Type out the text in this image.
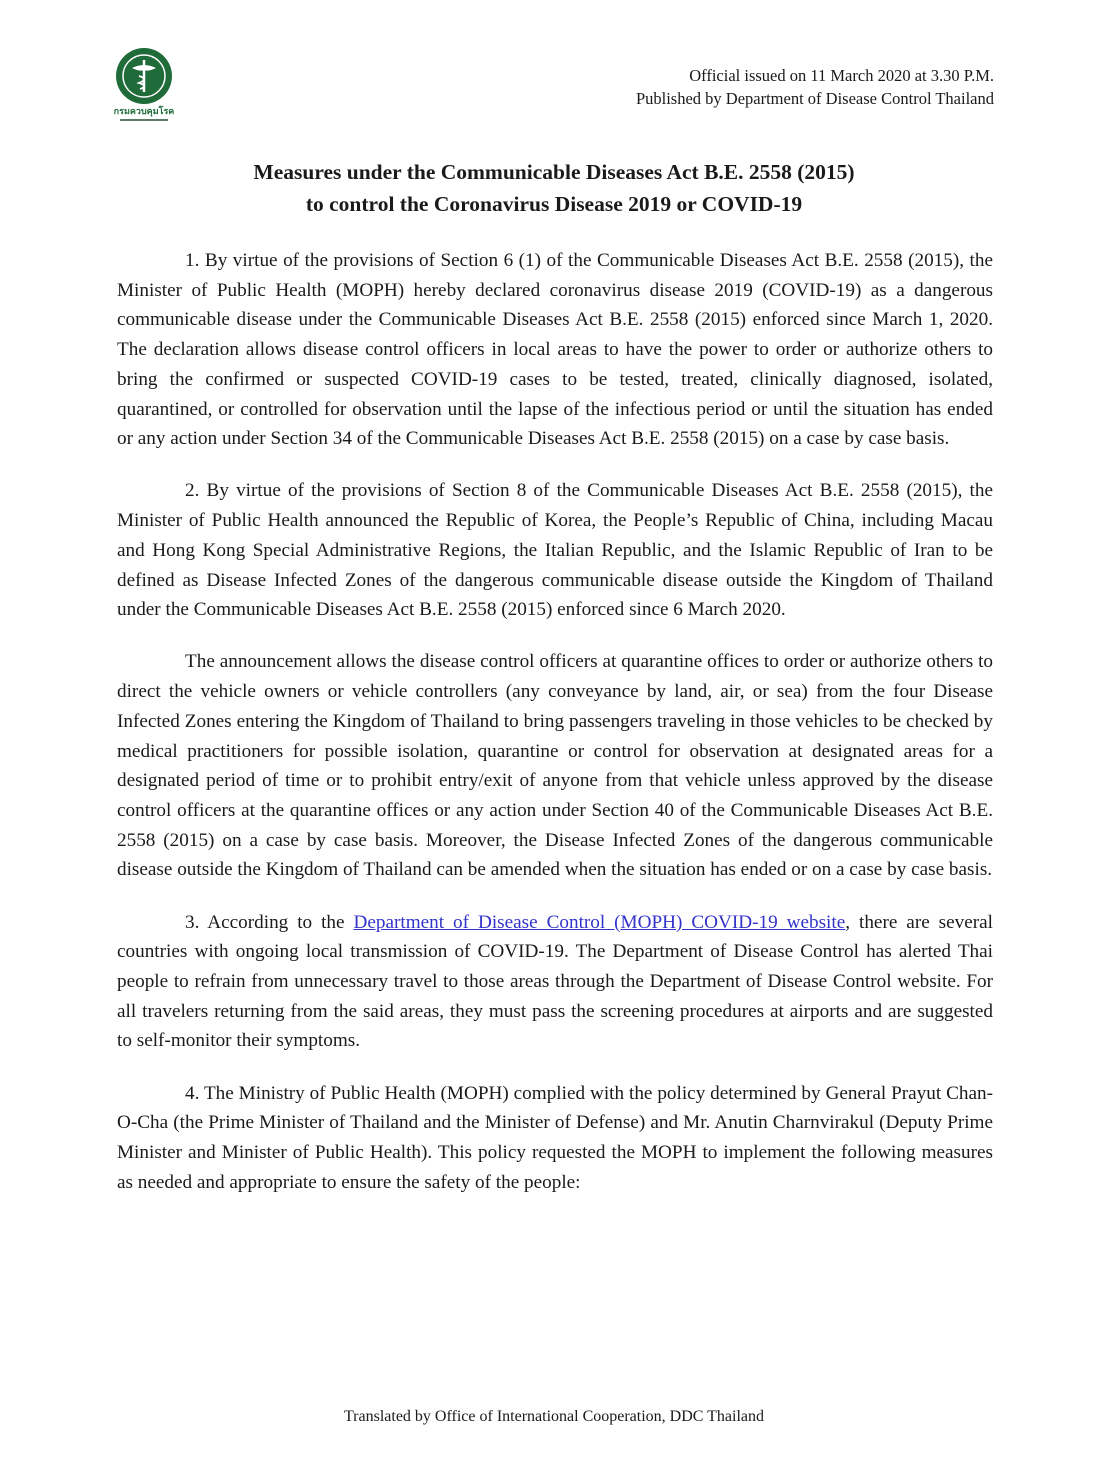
กรมควบคุมโรค
Official issued on 11 March 2020 at 3.30 P.M.
Published by Department of Disease Control Thailand
Measures under the Communicable Diseases Act B.E. 2558 (2015)
to control the Coronavirus Disease 2019 or COVID-19

1. By virtue of the provisions of Section 6 (1) of the Communicable Diseases Act B.E. 2558 (2015), the Minister of Public Health (MOPH) hereby declared coronavirus disease 2019 (COVID-19) as a dangerous communicable disease under the Communicable Diseases Act B.E. 2558 (2015) enforced since March 1, 2020. The declaration allows disease control officers in local areas to have the power to order or authorize others to bring the confirmed or suspected COVID-19 cases to be tested, treated, clinically diagnosed, isolated, quarantined, or controlled for observation until the lapse of the infectious period or until the situation has ended or any action under Section 34 of the Communicable Diseases Act B.E. 2558 (2015) on a case by case basis.

2. By virtue of the provisions of Section 8 of the Communicable Diseases Act B.E. 2558 (2015), the Minister of Public Health announced the Republic of Korea, the People’s Republic of China, including Macau and Hong Kong Special Administrative Regions, the Italian Republic, and the Islamic Republic of Iran to be defined as Disease Infected Zones of the dangerous communicable disease outside the Kingdom of Thailand under the Communicable Diseases Act B.E. 2558 (2015) enforced since 6 March 2020.

The announcement allows the disease control officers at quarantine offices to order or authorize others to direct the vehicle owners or vehicle controllers (any conveyance by land, air, or sea) from the four Disease Infected Zones entering the Kingdom of Thailand to bring passengers traveling in those vehicles to be checked by medical practitioners for possible isolation, quarantine or control for observation at designated areas for a designated period of time or to prohibit entry/exit of anyone from that vehicle unless approved by the disease control officers at the quarantine offices or any action under Section 40 of the Communicable Diseases Act B.E. 2558 (2015) on a case by case basis. Moreover, the Disease Infected Zones of the dangerous communicable disease outside the Kingdom of Thailand can be amended when the situation has ended or on a case by case basis.

3. According to the Department of Disease Control (MOPH) COVID-19 website, there are several countries with ongoing local transmission of COVID-19. The Department of Disease Control has alerted Thai people to refrain from unnecessary travel to those areas through the Department of Disease Control website. For all travelers returning from the said areas, they must pass the screening procedures at airports and are suggested to self-monitor their symptoms.

4. The Ministry of Public Health (MOPH) complied with the policy determined by General Prayut Chan-O-Cha (the Prime Minister of Thailand and the Minister of Defense) and Mr. Anutin Charnvirakul (Deputy Prime Minister and Minister of Public Health). This policy requested the MOPH to implement the following measures as needed and appropriate to ensure the safety of the people:

Translated by Office of International Cooperation, DDC Thailand
